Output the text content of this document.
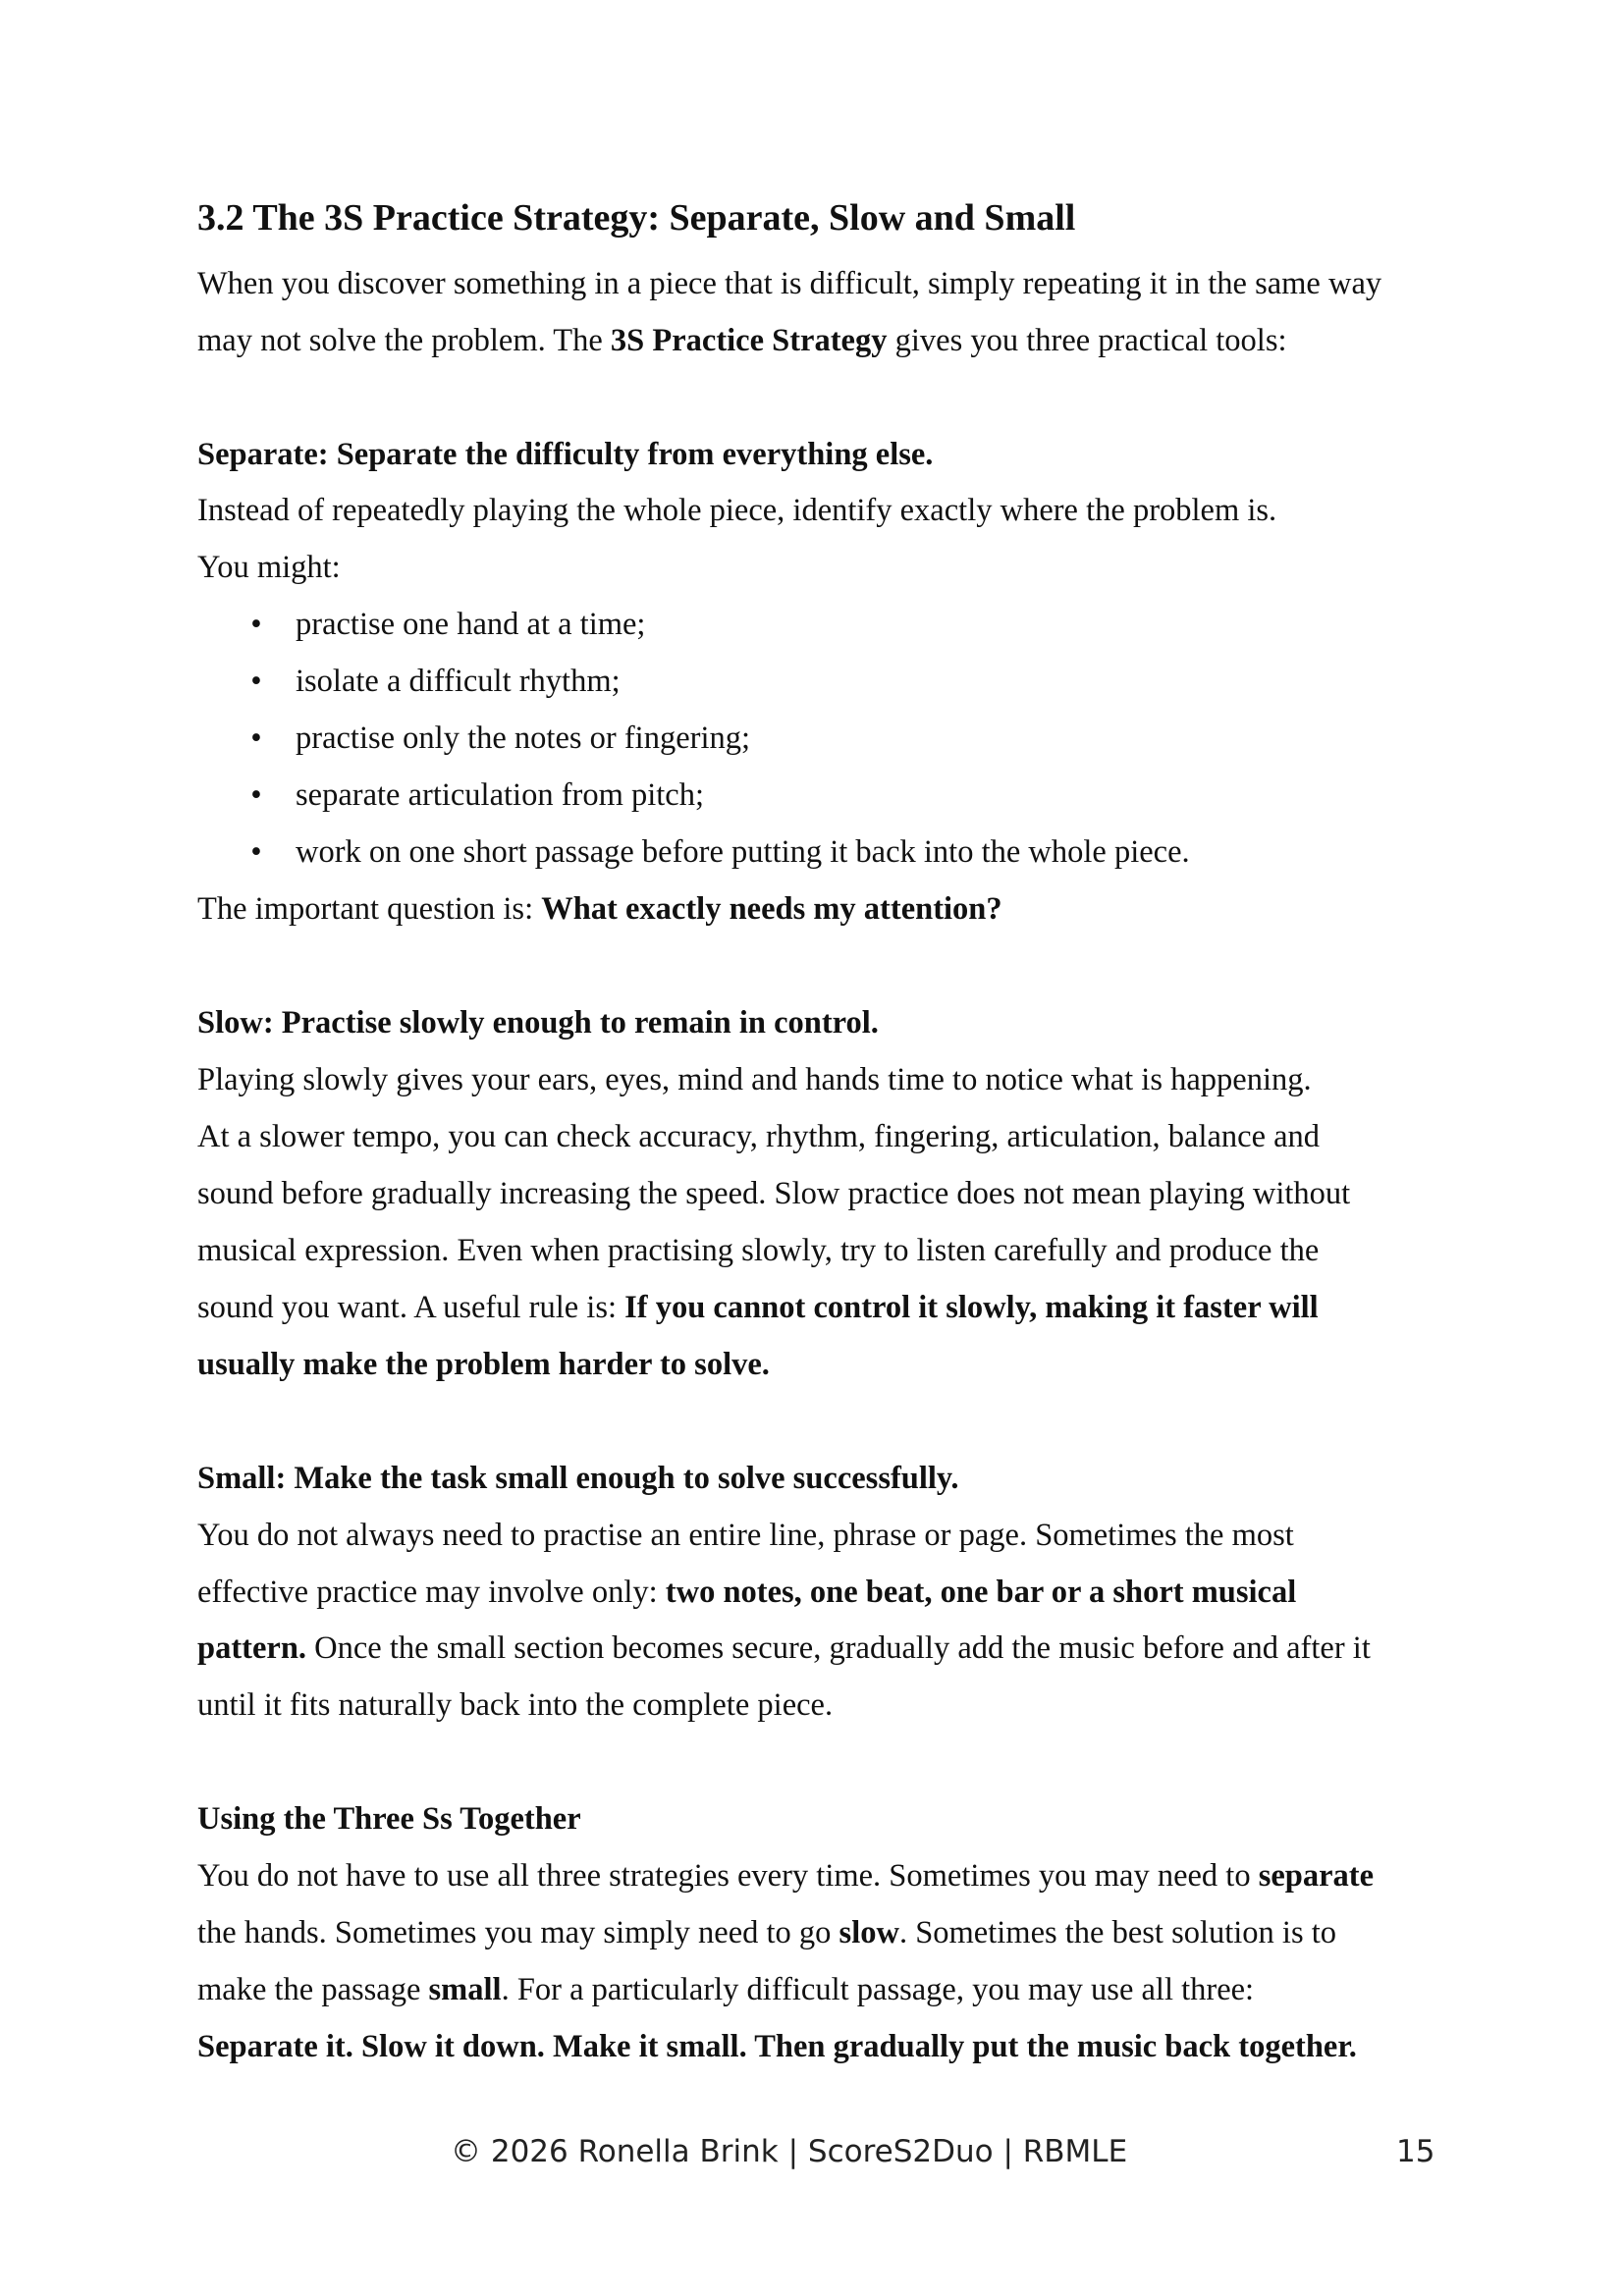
3.2 The 3S Practice Strategy: Separate, Slow and Small
When you discover something in a piece that is difficult, simply repeating it in the same way
may not solve the problem. The 3S Practice Strategy gives you three practical tools:
Separate: Separate the difficulty from everything else.
Instead of repeatedly playing the whole piece, identify exactly where the problem is.
You might:
• practise one hand at a time;
• isolate a difficult rhythm;
• practise only the notes or fingering;
• separate articulation from pitch;
• work on one short passage before putting it back into the whole piece.
The important question is: What exactly needs my attention?
Slow: Practise slowly enough to remain in control.
Playing slowly gives your ears, eyes, mind and hands time to notice what is happening.
At a slower tempo, you can check accuracy, rhythm, fingering, articulation, balance and
sound before gradually increasing the speed. Slow practice does not mean playing without
musical expression. Even when practising slowly, try to listen carefully and produce the
sound you want. A useful rule is: If you cannot control it slowly, making it faster will
usually make the problem harder to solve.
Small: Make the task small enough to solve successfully.
You do not always need to practise an entire line, phrase or page. Sometimes the most
effective practice may involve only: two notes, one beat, one bar or a short musical
pattern. Once the small section becomes secure, gradually add the music before and after it
until it fits naturally back into the complete piece.
Using the Three Ss Together
You do not have to use all three strategies every time. Sometimes you may need to separate
the hands. Sometimes you may simply need to go slow. Sometimes the best solution is to
make the passage small. For a particularly difficult passage, you may use all three:
Separate it. Slow it down. Make it small. Then gradually put the music back together.
© 2026 Ronella Brink | ScoreS2Duo | RBMLE	15
